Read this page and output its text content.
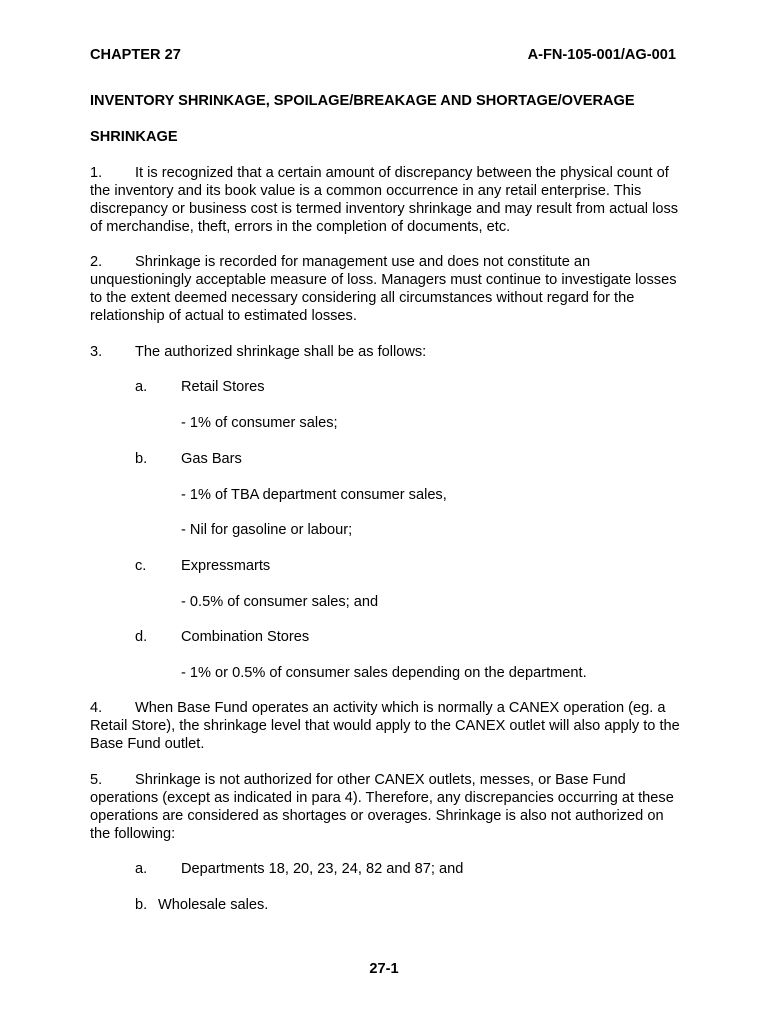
CHAPTER 27	A-FN-105-001/AG-001
INVENTORY SHRINKAGE, SPOILAGE/BREAKAGE AND SHORTAGE/OVERAGE
SHRINKAGE

1. It is recognized that a certain amount of discrepancy between the physical count of the inventory and its book value is a common occurrence in any retail enterprise. This discrepancy or business cost is termed inventory shrinkage and may result from actual loss of merchandise, theft, errors in the completion of documents, etc.

2. Shrinkage is recorded for management use and does not constitute an unquestioningly acceptable measure of loss. Managers must continue to investigate losses to the extent deemed necessary considering all circumstances without regard for the relationship of actual to estimated losses.

3. The authorized shrinkage shall be as follows:
a. Retail Stores
- 1% of consumer sales;
b. Gas Bars
- 1% of TBA department consumer sales,
- Nil for gasoline or labour;
c. Expressmarts
- 0.5% of consumer sales; and
d. Combination Stores
- 1% or 0.5% of consumer sales depending on the department.

4. When Base Fund operates an activity which is normally a CANEX operation (eg. a Retail Store), the shrinkage level that would apply to the CANEX outlet will also apply to the Base Fund outlet.

5. Shrinkage is not authorized for other CANEX outlets, messes, or Base Fund operations (except as indicated in para 4). Therefore, any discrepancies occurring at these operations are considered as shortages or overages. Shrinkage is also not authorized on the following:

a. Departments 18, 20, 23, 24, 82 and 87; and
b. Wholesale sales.
27-1
